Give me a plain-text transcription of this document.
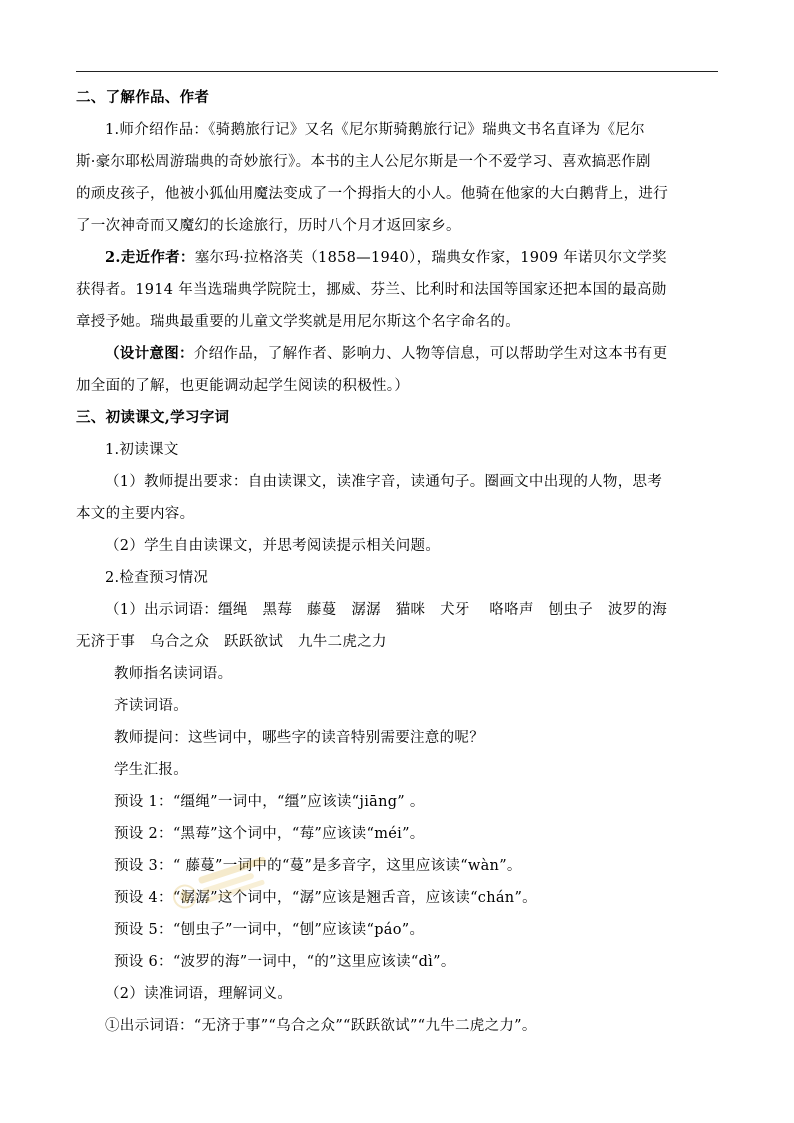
二、了解作品、作者
1.师介绍作品：《骑鹅旅行记》又名《尼尔斯骑鹅旅行记》瑞典文书名直译为《尼尔
斯·豪尔耶松周游瑞典的奇妙旅行》。本书的主人公尼尔斯是一个不爱学习、喜欢搞恶作剧
的顽皮孩子，他被小狐仙用魔法变成了一个拇指大的小人。他骑在他家的大白鹅背上，进行
了一次神奇而又魔幻的长途旅行，历时八个月才返回家乡。
2.走近作者：塞尔玛·拉格洛芙（1858—1940），瑞典女作家，1909 年诺贝尔文学奖
获得者。1914 年当选瑞典学院院士，挪威、芬兰、比利时和法国等国家还把本国的最高勋
章授予她。瑞典最重要的儿童文学奖就是用尼尔斯这个名字命名的。
（设计意图：介绍作品，了解作者、影响力、人物等信息，可以帮助学生对这本书有更
加全面的了解，也更能调动起学生阅读的积极性。）
三、初读课文,学习字词
1.初读课文
（1）教师提出要求：自由读课文，读准字音，读通句子。圈画文中出现的人物，思考
本文的主要内容。
（2）学生自由读课文，并思考阅读提示相关问题。
2.检查预习情况
（1）出示词语：缰绳　黑莓　藤蔓　潺潺　猫咪　犬牙　 咯咯声　刨虫子　波罗的海
无济于事　乌合之众　跃跃欲试　九牛二虎之力
教师指名读词语。
齐读词语。
教师提问：这些词中，哪些字的读音特别需要注意的呢？
学生汇报。
预设 1：“缰绳”一词中，“缰”应该读“jiāng” 。
预设 2：“黑莓”这个词中，“莓”应该读“méi”。
预设 3：“ 藤蔓”一词中的“蔓”是多音字，这里应该读“wàn”。
预设 4：“潺潺”这个词中，“潺”应该是翘舌音，应该读“chán”。
预设 5：“刨虫子”一词中，“刨”应该读“páo”。
预设 6：“波罗的海”一词中，“的”这里应该读“dì”。
（2）读准词语，理解词义。
①出示词语：“无济于事”“乌合之众”“跃跃欲试”“九牛二虎之力”。
